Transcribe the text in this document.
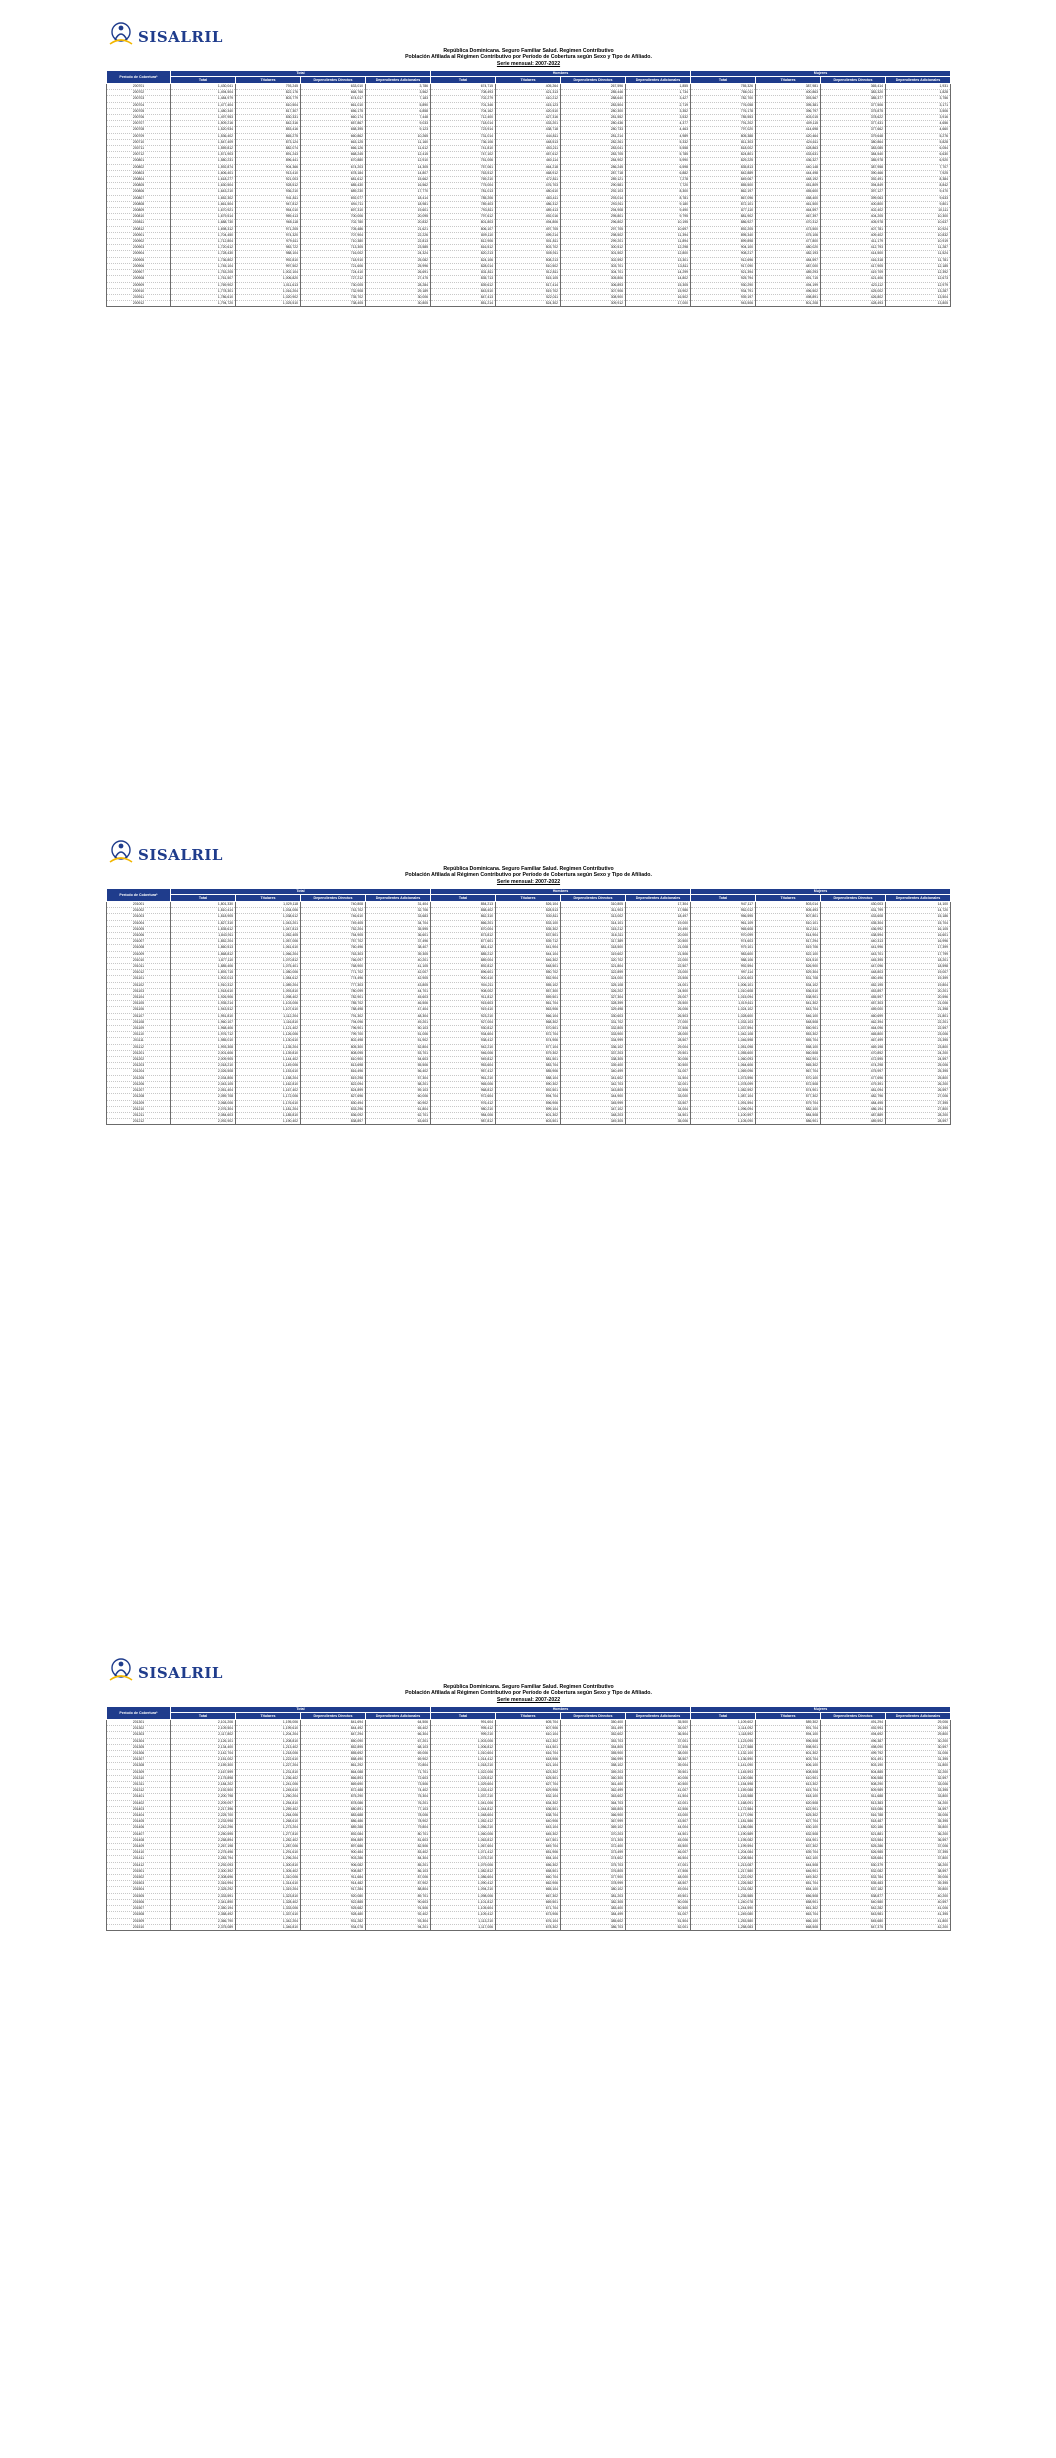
SISALRIL
República Dominicana. Seguro Familiar Salud. Regimen Contributivo
Población Afiliada al Régimen Contributivo por Período de Cobertura según Sexo y Tipo de Afiliado.
Serie mensual: 2007-2022
Período de Cobertura*	Total				Hombres				Mujeres			
	Total	Titulares	Dependientes Directos	Dependientes Adicionales	Total	Titulares	Dependientes Directos	Dependientes Adicionales	Total	Titulares	Dependientes Directos	Dependientes Adicionales
200701	1,430,041	793,245	633,010	3,786	674,715	405,264	267,596	1,855	755,326	387,981	365,414	1,931
200702	1,494,504	822,176	668,766	3,562	708,493	421,313	285,446	1,734	786,011	400,863	383,320	1,828
200703	1,484,979	803,779	674,017	7,183	702,279	410,212	288,640	3,427	782,700	393,567	385,377	3,756
200704	1,477,404	810,504	661,010	5,890	701,346	415,123	283,504	2,719	776,058	395,381	377,506	3,171
200705	1,480,340	817,307	656,175	6,858	704,162	420,510	280,300	3,352	776,178	396,797	375,875	3,506
200706	1,497,953	830,331	660,174	7,448	712,400	427,316	281,552	3,532	785,553	403,015	378,622	3,916
200707	1,509,216	842,316	657,867	9,033	718,014	433,201	280,436	4,377	791,202	409,115	377,431	4,656
200708	1,520,934	853,416	658,395	9,123	723,914	438,718	280,733	4,463	797,020	414,698	377,662	4,660
200709	1,536,402	865,275	660,862	10,265	731,014	444,811	281,214	4,989	805,388	420,464	379,648	5,276
200710	1,547,409	873,124	663,125	11,160	736,106	448,513	282,261	5,332	811,303	424,611	380,864	5,828
200711	1,559,812	882,074	666,126	11,612	741,810	453,211	283,041	5,558	818,002	428,863	383,085	6,054
200712	1,571,903	891,243	668,245	12,415	747,102	457,612	283,705	5,785	824,801	433,631	384,540	6,630
200801	1,580,231	896,441	670,880	12,910	751,006	460,114	284,902	5,990	829,225	436,327	385,978	6,920
200802	1,592,874	904,366	674,203	14,305	757,061	464,218	286,245	6,598	835,813	440,148	387,958	7,707
200803	1,606,401	913,410	678,184	14,807	763,512	468,912	287,718	6,882	842,889	444,498	390,466	7,925
200804	1,618,277	921,003	681,612	15,662	769,210	472,811	289,121	7,278	849,067	448,192	392,491	8,384
200805	1,630,504	928,512	685,430	16,562	775,004	476,703	290,581	7,720	855,500	451,809	394,849	8,842
200806	1,643,210	936,210	689,230	17,770	781,013	480,610	292,103	8,300	862,197	455,600	397,127	9,470
200807	1,652,302	941,811	692,077	18,414	785,206	483,411	293,014	8,781	867,096	458,400	399,063	9,633
200808	1,661,504	947,812	694,711	18,981	789,403	486,312	293,911	9,180	872,101	461,500	400,800	9,801
200809	1,670,921	954,010	697,310	19,601	793,811	489,413	294,908	9,490	877,110	464,597	402,402	10,111
200810	1,679,514	959,413	700,006	20,095	797,612	492,016	295,801	9,795	881,902	467,397	404,205	10,300
200811	1,688,730	965,118	702,780	20,832	801,803	494,806	296,802	10,195	886,927	470,312	405,978	10,637
200812	1,698,312	971,205	705,486	21,621	806,107	497,705	297,705	10,697	892,205	473,500	407,781	10,924
200901	1,704,450	974,320	707,904	22,226	809,110	499,214	298,502	11,394	895,340	475,106	409,402	10,832
200902	1,712,804	979,611	710,380	22,813	812,906	501,811	299,201	11,894	899,898	477,800	411,179	10,919
200903	1,720,612	983,722	713,305	23,585	816,512	503,702	300,512	12,298	904,100	480,020	412,793	11,287
200904	1,728,430	988,104	716,002	24,324	820,213	505,911	301,502	12,800	908,217	482,193	414,500	11,524
200905	1,736,802	992,810	718,910	25,082	824,106	508,213	302,592	13,301	912,696	484,597	416,318	11,781
200906	1,745,104	997,502	721,606	25,996	828,014	510,502	303,701	13,811	917,090	487,000	417,905	12,185
200907	1,753,205	1,002,104	724,410	26,691	831,811	512,811	304,701	14,299	921,394	489,293	419,709	12,392
200908	1,761,507	1,006,820	727,212	27,475	835,713	515,105	305,806	14,802	925,794	491,715	421,406	12,673
200909	1,769,902	1,011,613	730,005	28,284	839,612	517,414	306,893	15,305	930,290	494,199	423,112	12,979
200910	1,778,301	1,016,204	732,908	29,189	843,510	519,702	307,906	15,902	934,791	496,502	425,002	13,287
200911	1,786,610	1,020,902	735,702	30,006	847,413	522,011	308,900	16,502	939,197	498,891	426,802	13,504
200912	1,794,720	1,025,510	738,405	30,805	851,214	524,302	309,912	17,000	943,506	501,208	428,493	13,805
SISALRIL
República Dominicana. Seguro Familiar Salud. Regimen Contributivo
Población Afiliada al Régimen Contributivo por Período de Cobertura según Sexo y Tipo de Afiliado.
Serie mensual: 2007-2022
Período de Cobertura*	Total				Hombres				Mujeres			
	Total	Titulares	Dependientes Directos	Dependientes Adicionales	Total	Titulares	Dependientes Directos	Dependientes Adicionales	Total	Titulares	Dependientes Directos	Dependientes Adicionales
201001	1,801,330	1,029,118	740,808	31,404	854,213	526,104	310,805	17,304	947,117	503,014	430,003	14,100
201002	1,810,414	1,034,006	743,702	32,706	858,402	528,513	311,903	17,986	952,012	505,493	431,799	14,720
201003	1,818,905	1,038,612	746,610	33,683	862,310	530,811	313,002	18,497	956,595	507,801	433,608	15,186
201004	1,827,310	1,043,201	749,405	34,704	866,201	533,100	314,101	19,000	961,109	510,101	435,304	15,704
201005	1,835,612	1,047,813	752,204	35,595	870,004	535,302	315,212	19,490	965,608	512,511	436,992	16,105
201006	1,843,911	1,052,405	754,905	36,601	873,812	537,501	316,311	20,000	970,099	514,904	438,594	16,601
201007	1,852,204	1,057,006	757,702	37,496	877,601	539,712	317,389	20,500	974,603	517,294	440,313	16,996
201008	1,860,513	1,061,610	760,496	38,407	881,412	541,904	318,500	21,008	979,101	519,706	441,996	17,399
201009	1,868,812	1,066,204	763,303	39,305	885,212	544,104	319,602	21,506	983,600	522,100	443,701	17,799
201010	1,877,110	1,070,812	766,097	40,201	889,004	546,302	320,702	22,000	988,106	524,510	445,395	18,201
201011	1,885,406	1,075,401	768,900	41,105	892,812	548,501	321,804	22,507	992,594	526,900	447,096	18,598
201012	1,893,715	1,080,006	771,702	42,007	896,601	550,702	322,899	23,000	997,114	529,304	448,803	19,007
201101	1,902,013	1,084,612	774,496	42,905	900,410	552,904	324,000	23,506	1,001,603	531,708	450,496	19,399
201102	1,910,312	1,089,204	777,303	43,805	904,211	555,102	325,108	24,001	1,006,101	534,102	452,195	19,804
201103	1,918,610	1,093,810	780,099	44,701	908,002	557,300	326,202	24,500	1,010,608	536,510	453,897	20,201
201104	1,926,906	1,098,402	782,901	45,603	911,812	559,501	327,304	25,007	1,015,094	538,901	455,597	20,596
201105	1,935,214	1,103,006	785,702	46,506	915,603	561,704	328,399	25,500	1,019,611	541,302	457,303	21,006
201106	1,943,512	1,107,610	788,498	47,404	919,410	563,906	329,498	26,006	1,024,102	543,704	459,000	21,398
201107	1,951,810	1,112,204	791,302	48,304	923,210	566,104	330,603	26,503	1,028,600	546,100	460,699	21,801
201108	1,960,107	1,116,810	794,096	49,201	927,004	568,302	331,702	27,000	1,033,103	548,508	462,394	22,201
201109	1,968,406	1,121,402	796,901	50,103	930,812	570,501	332,805	27,506	1,037,594	550,901	464,096	22,597
201110	1,976,712	1,126,006	799,700	51,006	934,604	572,704	333,900	28,000	1,042,108	553,302	465,800	23,006
201111	1,985,010	1,130,610	802,498	51,902	938,412	574,906	334,999	28,507	1,046,598	555,704	467,499	23,395
201112	1,993,308	1,135,204	805,300	52,804	942,210	577,104	336,102	29,004	1,051,098	558,100	469,198	23,800
201201	2,001,606	1,139,810	808,095	53,701	946,006	579,302	337,203	29,501	1,055,600	560,508	470,892	24,200
201202	2,009,905	1,144,402	810,900	54,603	949,812	581,501	338,305	30,006	1,060,093	562,901	472,595	24,597
201203	2,018,210	1,149,006	813,698	55,506	953,604	583,704	339,400	30,500	1,064,606	565,302	474,298	25,006
201204	2,026,508	1,153,610	816,496	56,402	957,412	585,906	340,499	31,007	1,069,096	567,704	475,997	25,395
201205	2,034,806	1,158,204	819,298	57,304	961,210	588,104	341,602	31,504	1,073,596	570,100	477,696	25,800
201206	2,043,105	1,162,810	822,094	58,201	965,006	590,302	342,703	32,001	1,078,099	572,508	479,391	26,200
201207	2,051,404	1,167,402	824,899	59,103	968,812	592,501	343,805	32,506	1,082,592	574,901	481,094	26,597
201208	2,059,708	1,172,006	827,696	60,006	972,604	594,704	344,900	33,000	1,087,104	577,302	482,796	27,006
201209	2,068,006	1,176,610	830,494	60,902	976,412	596,906	345,999	33,507	1,091,594	579,704	484,495	27,395
201210	2,076,304	1,181,204	833,296	61,804	980,210	599,104	347,102	34,004	1,096,094	582,100	486,194	27,800
201211	2,084,603	1,185,810	836,092	62,701	984,006	601,302	348,203	34,501	1,100,597	584,508	487,889	28,200
201212	2,092,902	1,190,402	838,897	63,603	987,812	603,501	349,305	35,006	1,105,090	586,901	489,592	28,597
SISALRIL
República Dominicana. Seguro Familiar Salud. Regimen Contributivo
Población Afiliada al Régimen Contributivo por Período de Cobertura según Sexo y Tipo de Afiliado.
Serie mensual: 2007-2022
Período de Cobertura*	Total				Hombres				Mujeres			
	Total	Titulares	Dependientes Directos	Dependientes Adicionales	Total	Titulares	Dependientes Directos	Dependientes Adicionales	Total	Titulares	Dependientes Directos	Dependientes Adicionales
201301	2,101,206	1,195,006	841,694	64,506	991,604	605,704	350,400	35,500	1,109,602	589,302	491,294	29,006
201302	2,109,504	1,199,610	844,492	65,402	995,412	607,906	351,499	36,007	1,114,092	591,704	492,993	29,395
201303	2,117,802	1,204,204	847,294	66,304	999,210	610,104	352,602	36,504	1,118,592	594,100	494,692	29,800
201304	2,126,101	1,208,810	850,090	67,201	1,003,006	612,302	353,703	37,001	1,123,095	596,508	496,387	30,200
201305	2,134,400	1,213,402	852,895	68,103	1,006,812	614,501	354,805	37,506	1,127,588	598,901	498,090	30,597
201306	2,142,704	1,218,006	855,692	69,006	1,010,604	616,704	355,900	38,000	1,132,100	601,302	499,792	31,006
201307	2,151,002	1,222,610	858,490	69,902	1,014,412	618,906	356,999	38,507	1,136,590	603,704	501,491	31,395
201308	2,159,300	1,227,204	861,292	70,804	1,018,210	621,104	358,102	39,004	1,141,090	606,100	503,190	31,800
201309	2,167,599	1,231,810	864,088	71,701	1,022,006	623,302	359,203	39,501	1,145,593	608,508	504,885	32,200
201310	2,175,898	1,236,402	866,893	72,603	1,025,812	625,501	360,305	40,006	1,150,086	610,901	506,588	32,597
201311	2,184,202	1,241,006	869,690	73,506	1,029,604	627,704	361,400	40,500	1,154,598	613,302	508,290	33,006
201312	2,192,500	1,245,610	872,488	74,402	1,033,412	629,906	362,499	41,007	1,159,088	615,704	509,989	33,395
201401	2,200,798	1,250,204	875,290	75,304	1,037,210	632,104	363,602	41,504	1,163,588	618,100	511,688	33,800
201402	2,209,097	1,254,810	878,086	76,201	1,041,006	634,302	364,703	42,001	1,168,091	620,508	513,383	34,200
201403	2,217,396	1,259,402	880,891	77,103	1,044,812	636,501	365,805	42,506	1,172,584	622,901	515,086	34,597
201404	2,225,700	1,264,006	883,688	78,006	1,048,604	638,704	366,900	43,000	1,177,096	625,302	516,788	35,006
201405	2,233,998	1,268,610	886,486	78,902	1,052,412	640,906	367,999	43,507	1,181,586	627,704	518,487	35,395
201406	2,242,296	1,273,204	889,288	79,804	1,056,210	643,104	369,102	44,004	1,186,086	630,100	520,186	35,800
201407	2,250,595	1,277,810	892,084	80,701	1,060,006	645,302	370,203	44,501	1,190,589	632,508	521,881	36,200
201408	2,258,894	1,282,402	894,889	81,603	1,063,812	647,501	371,305	45,006	1,195,082	634,901	523,584	36,597
201409	2,267,198	1,287,006	897,686	82,506	1,067,604	649,704	372,400	45,500	1,199,594	637,302	525,286	37,006
201410	2,275,496	1,291,610	900,484	83,402	1,071,412	651,906	373,499	46,007	1,204,084	639,704	526,985	37,395
201411	2,283,794	1,296,204	903,286	84,304	1,075,210	654,104	374,602	46,504	1,208,584	642,100	528,684	37,800
201412	2,292,093	1,300,810	906,082	85,201	1,079,006	656,302	375,703	47,001	1,213,087	644,508	530,379	38,200
201501	2,300,392	1,305,402	908,887	86,103	1,082,812	658,501	376,805	47,506	1,217,580	646,901	532,082	38,597
201502	2,308,696	1,310,006	911,684	87,006	1,086,604	660,704	377,900	48,000	1,222,092	649,302	533,784	39,006
201503	2,316,994	1,314,610	914,482	87,902	1,090,412	662,906	378,999	48,507	1,226,582	651,704	535,483	39,395
201504	2,325,292	1,319,204	917,284	88,804	1,094,210	665,104	380,102	49,004	1,231,082	654,100	537,182	39,800
201505	2,333,591	1,323,810	920,080	89,701	1,098,006	667,302	381,203	49,501	1,235,585	656,508	538,877	40,200
201506	2,341,890	1,328,402	922,885	90,603	1,101,812	669,501	382,305	50,006	1,240,078	658,901	540,580	40,597
201507	2,350,194	1,333,006	925,682	91,506	1,105,604	671,704	383,400	50,500	1,244,590	661,302	542,282	41,006
201508	2,358,492	1,337,610	928,480	92,402	1,109,412	673,906	384,499	51,007	1,249,080	663,704	543,981	41,395
201509	2,366,790	1,342,204	931,282	93,304	1,113,210	676,104	385,602	51,504	1,253,580	666,100	545,680	41,800
201510	2,375,089	1,346,810	934,078	94,201	1,117,006	678,302	386,703	52,001	1,258,083	668,508	547,375	42,200
